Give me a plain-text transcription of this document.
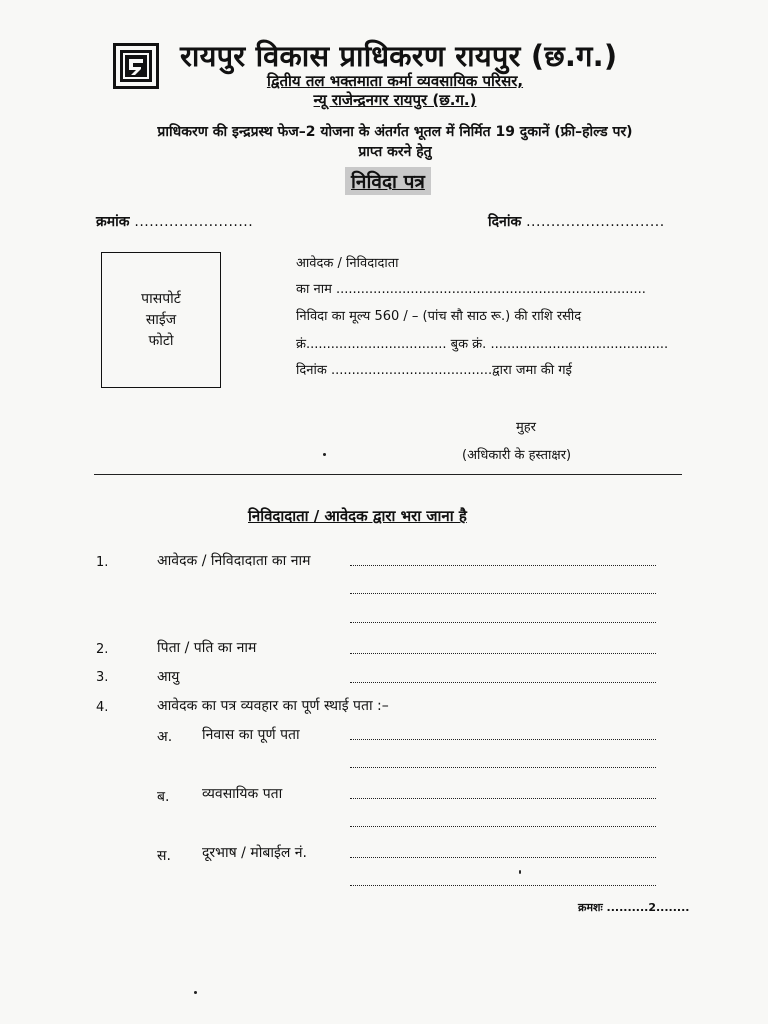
रायपुर विकास प्राधिकरण रायपुर (छ.ग.)
द्वितीय तल भक्तमाता कर्मा व्यवसायिक परिसर,
न्यू राजेन्द्रनगर रायपुर (छ.ग.)
प्राधिकरण की इन्द्रप्रस्थ फेज–2 योजना के अंतर्गत भूतल में निर्मित 19 दुकानें (फ्री–होल्ड पर)
प्राप्त करने हेतु
निविदा पत्र
क्रमांक ........................	दिनांक ............................
पासपोर्ट
साईज
फोटो
आवेदक / निविदादाता
का नाम ...........................................................................
निविदा का मूल्य 560 / – (पांच सौ साठ रू.) की राशि रसीद
क्रं.................................. बुक क्रं. ...........................................
दिनांक .......................................द्वारा जमा की गई
मुहर
(अधिकारी के हस्ताक्षर)
निविदादाता / आवेदक द्वारा भरा जाना है
1.	आवेदक / निविदादाता का नाम
2.	पिता / पति का नाम
3.	आयु
4.	आवेदक का पत्र व्यवहार का पूर्ण स्थाई पता :–
अ. निवास का पूर्ण पता
ब. व्यवसायिक पता
स. दूरभाष / मोबाईल नं.
क्रमशः ..........2........
